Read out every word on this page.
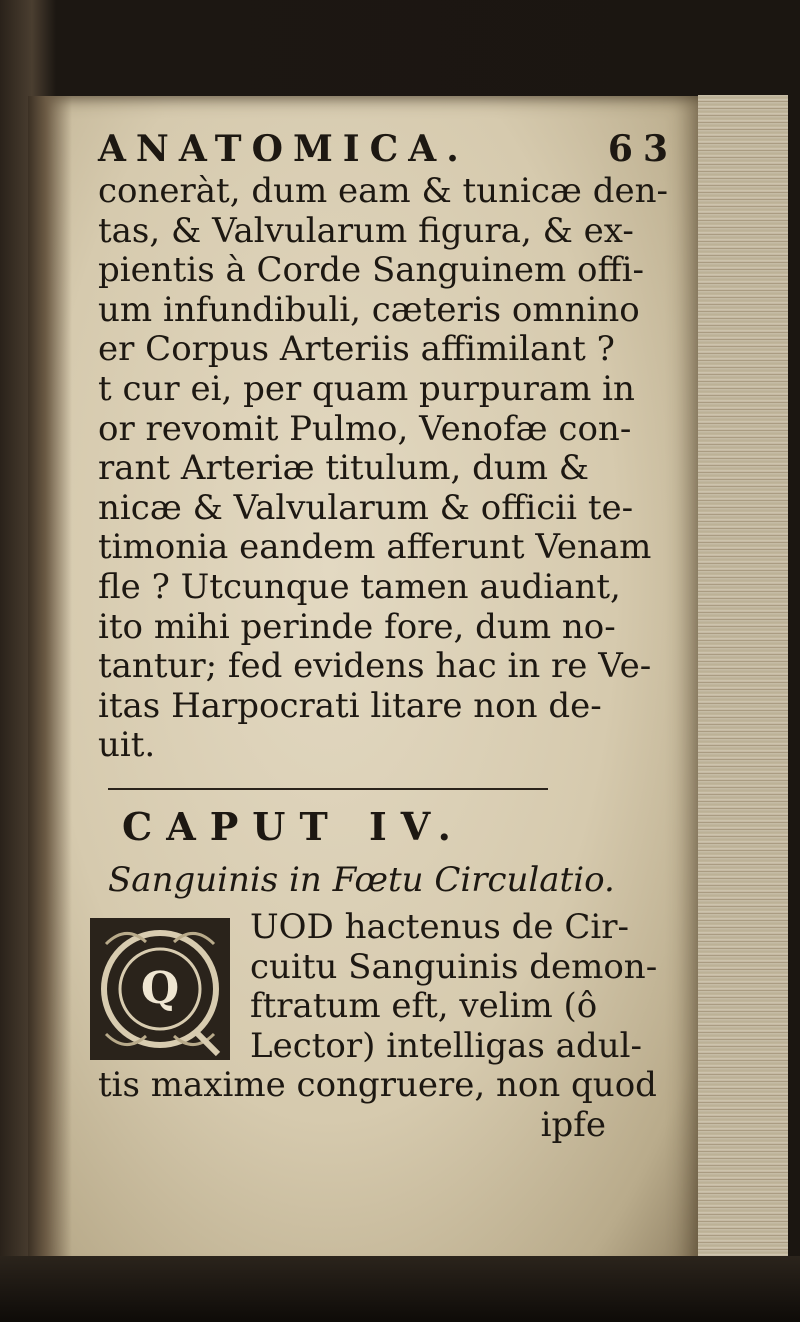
ANATOMICA.	63
coneràt, dum eam & tunicæ den-
tas, & Valvularum figura, & ex-
pientis à Corde Sanguinem offi-
um infundibuli, cæteris omnino
er Corpus Arteriis affimilant ?
t cur ei, per quam purpuram in
or revomit Pulmo, Venofæ con-
rant Arteriæ titulum, dum &
nicæ & Valvularum & officii te-
timonia eandem afferunt Venam
fle ? Utcunque tamen audiant,
ito mihi perinde fore, dum no-
tantur; fed evidens hac in re Ve-
itas Harpocrati litare non de-
uit.
CAPUT IV.
Sanguinis in Fœtu Circulatio.
Q
UOD hactenus de Cir-
cuitu Sanguinis demon-
ftratum eft, velim (ô
Lector) intelligas adul-
tis maxime congruere, non quod
ipfe
